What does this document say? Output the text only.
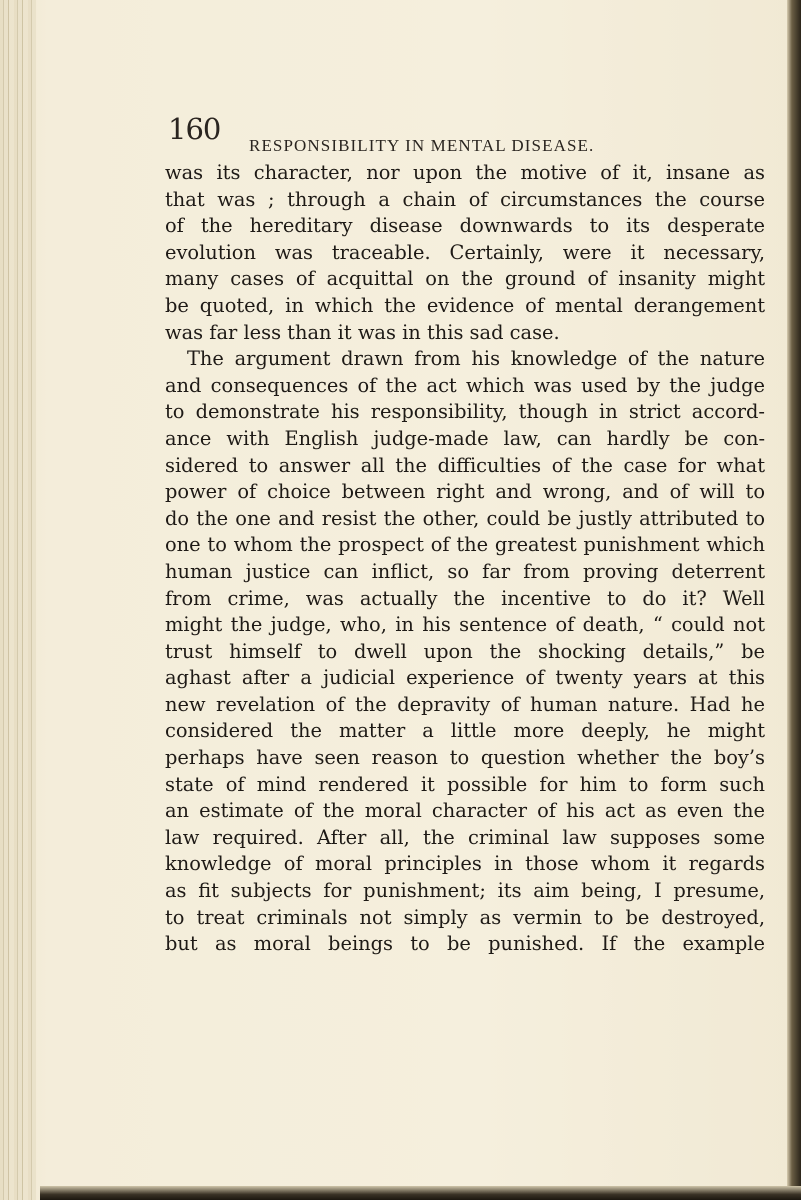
160 RESPONSIBILITY IN MENTAL DISEASE.
was its character, nor upon the motive of it, insane as
that was ; through a chain of circumstances the course
of the hereditary disease downwards to its desperate
evolution was traceable. Certainly, were it necessary,
many cases of acquittal on the ground of insanity might
be quoted, in which the evidence of mental derangement
was far less than it was in this sad case.
The argument drawn from his knowledge of the nature
and consequences of the act which was used by the judge
to demonstrate his responsibility, though in strict accord-
ance with English judge-made law, can hardly be con-
sidered to answer all the difficulties of the case for what
power of choice between right and wrong, and of will to
do the one and resist the other, could be justly attributed to
one to whom the prospect of the greatest punishment which
human justice can inflict, so far from proving deterrent
from crime, was actually the incentive to do it? Well
might the judge, who, in his sentence of death, “ could not
trust himself to dwell upon the shocking details,” be
aghast after a judicial experience of twenty years at this
new revelation of the depravity of human nature. Had he
considered the matter a little more deeply, he might
perhaps have seen reason to question whether the boy’s
state of mind rendered it possible for him to form such
an estimate of the moral character of his act as even the
law required. After all, the criminal law supposes some
knowledge of moral principles in those whom it regards
as fit subjects for punishment; its aim being, I presume,
to treat criminals not simply as vermin to be destroyed,
but as moral beings to be punished. If the example
